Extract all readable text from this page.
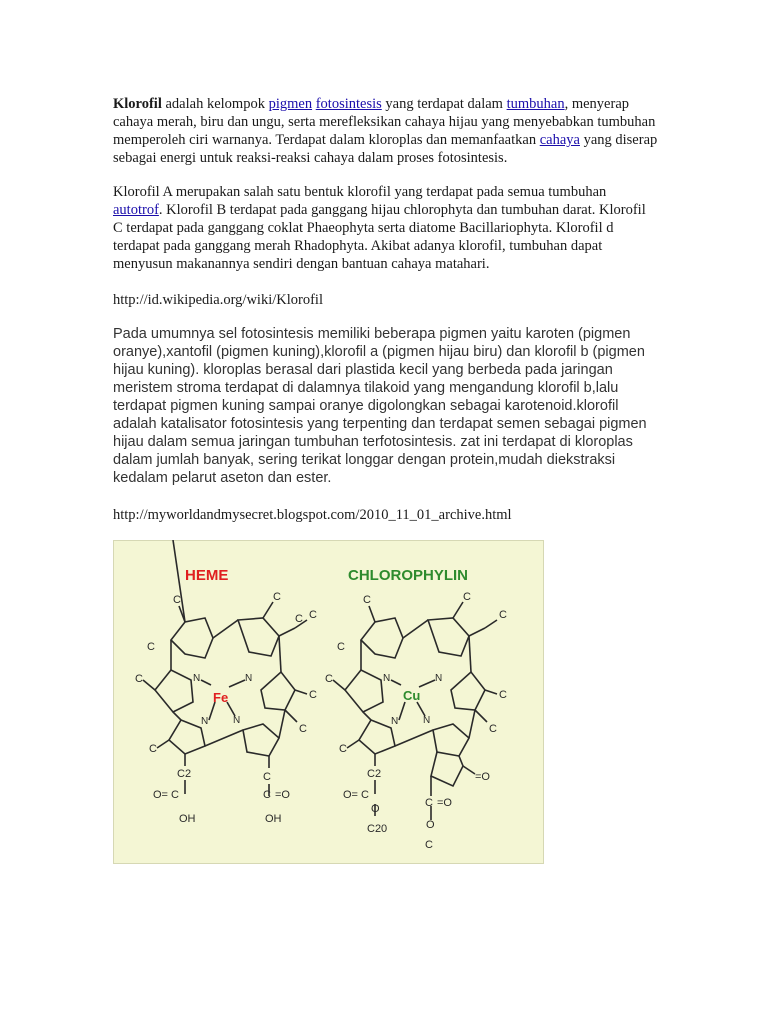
Klorofil adalah kelompok pigmen fotosintesis yang terdapat dalam tumbuhan, menyerap cahaya merah, biru dan ungu, serta merefleksikan cahaya hijau yang menyebabkan tumbuhan memperoleh ciri warnanya. Terdapat dalam kloroplas dan memanfaatkan cahaya yang diserap sebagai energi untuk reaksi-reaksi cahaya dalam proses fotosintesis.

Klorofil A merupakan salah satu bentuk klorofil yang terdapat pada semua tumbuhan autotrof. Klorofil B terdapat pada ganggang hijau chlorophyta dan tumbuhan darat. Klorofil C terdapat pada ganggang coklat Phaeophyta serta diatome Bacillariophyta. Klorofil d terdapat pada ganggang merah Rhadophyta. Akibat adanya klorofil, tumbuhan dapat menyusun makanannya sendiri dengan bantuan cahaya matahari.

http://id.wikipedia.org/wiki/Klorofil

Pada umumnya sel fotosintesis memiliki beberapa pigmen yaitu karoten (pigmen oranye),xantofil (pigmen kuning),klorofil a (pigmen hijau biru) dan klorofil b (pigmen hijau kuning). kloroplas berasal dari plastida kecil yang berbeda pada jaringan meristem stroma terdapat di dalamnya tilakoid yang mengandung klorofil b,lalu terdapat pigmen kuning sampai oranye digolongkan sebagai karotenoid.klorofil adalah katalisator fotosintesis yang terpenting dan terdapat semen sebagai pigmen hijau dalam semua jaringan tumbuhan terfotosintesis. zat ini terdapat di kloroplas dalam jumlah banyak, sering terikat longgar dengan protein,mudah diekstraksi kedalam pelarut aseton dan ester.

http://myworldandmysecret.blogspot.com/2010_11_01_archive.html

HEME	CHLOROPHYLIN
C
C
C
C C
C
C
C
C
N	N
N N
Fe
C2
O= C
OH
C
C =O
OH
C
C
C
C
C
C
C
C
N	N
N N
Cu
C2
O= C
O
C20
=O
C =O
O
C
